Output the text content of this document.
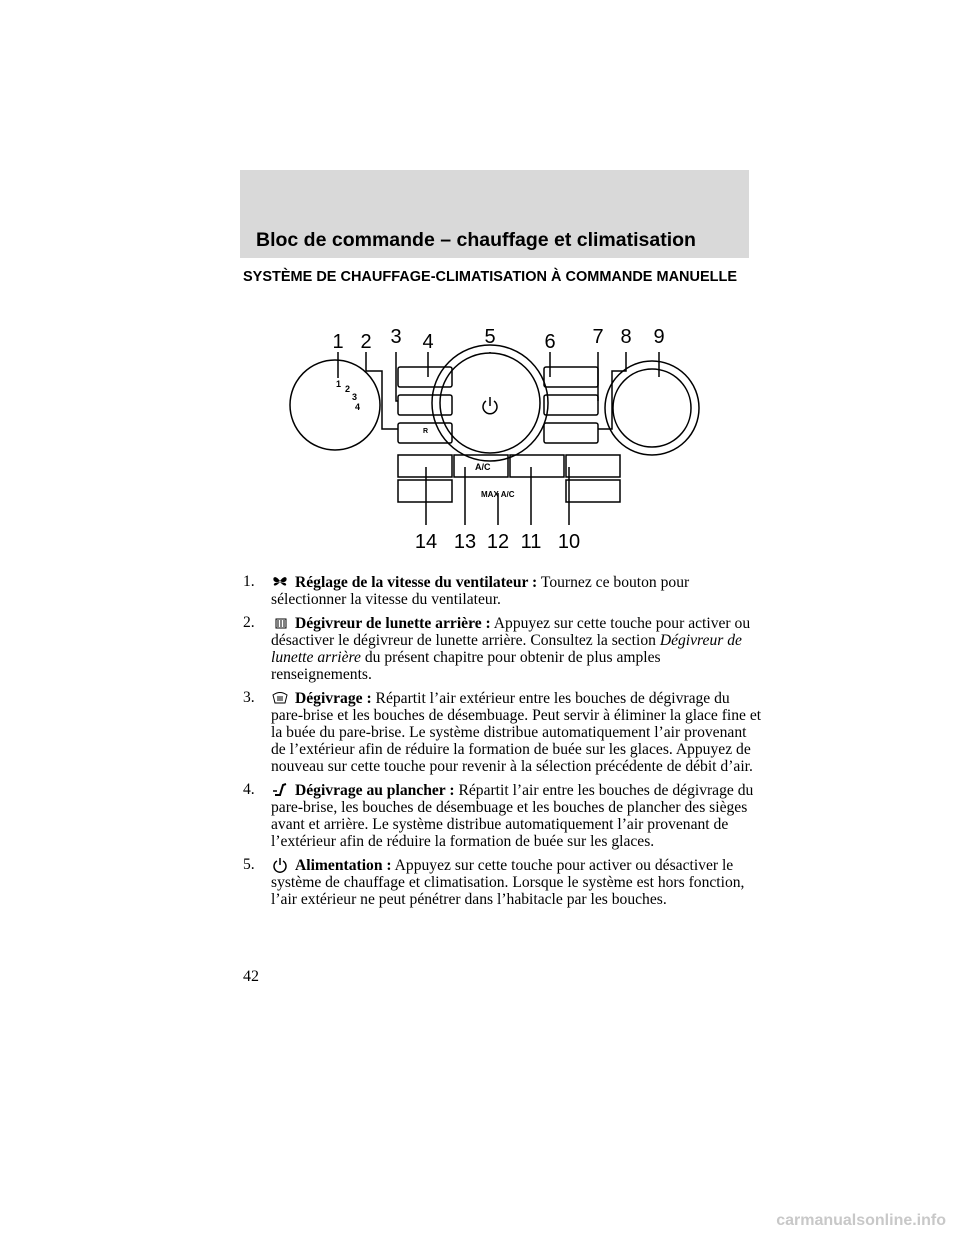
Bloc de commande – chauffage et climatisation
SYSTÈME DE CHAUFFAGE-CLIMATISATION À COMMANDE MANUELLE
1 2
3
4
A/C
MAX A/C
R
1 2 3 4	5 6 7 8 9
14 13 12 11 10
1.	Réglage de la vitesse du ventilateur : Tournez ce bouton pour sélectionner la vitesse du ventilateur.
2.	Dégivreur de lunette arrière : Appuyez sur cette touche pour activer ou désactiver le dégivreur de lunette arrière. Consultez la section Dégivreur de lunette arrière du présent chapitre pour obtenir de plus amples renseignements.
3.	Dégivrage : Répartit l’air extérieur entre les bouches de dégivrage du pare-brise et les bouches de désembuage. Peut servir à éliminer la glace fine et la buée du pare-brise. Le système distribue automatiquement l’air provenant de l’extérieur afin de réduire la formation de buée sur les glaces. Appuyez de nouveau sur cette touche pour revenir à la sélection précédente de débit d’air.
4.	Dégivrage au plancher : Répartit l’air entre les bouches de dégivrage du pare-brise, les bouches de désembuage et les bouches de plancher des sièges avant et arrière. Le système distribue automatiquement l’air provenant de l’extérieur afin de réduire la formation de buée sur les glaces.
5.	Alimentation : Appuyez sur cette touche pour activer ou désactiver le système de chauffage et climatisation. Lorsque le système est hors fonction, l’air extérieur ne peut pénétrer dans l’habitacle par les bouches.
42
carmanualsonline.info
